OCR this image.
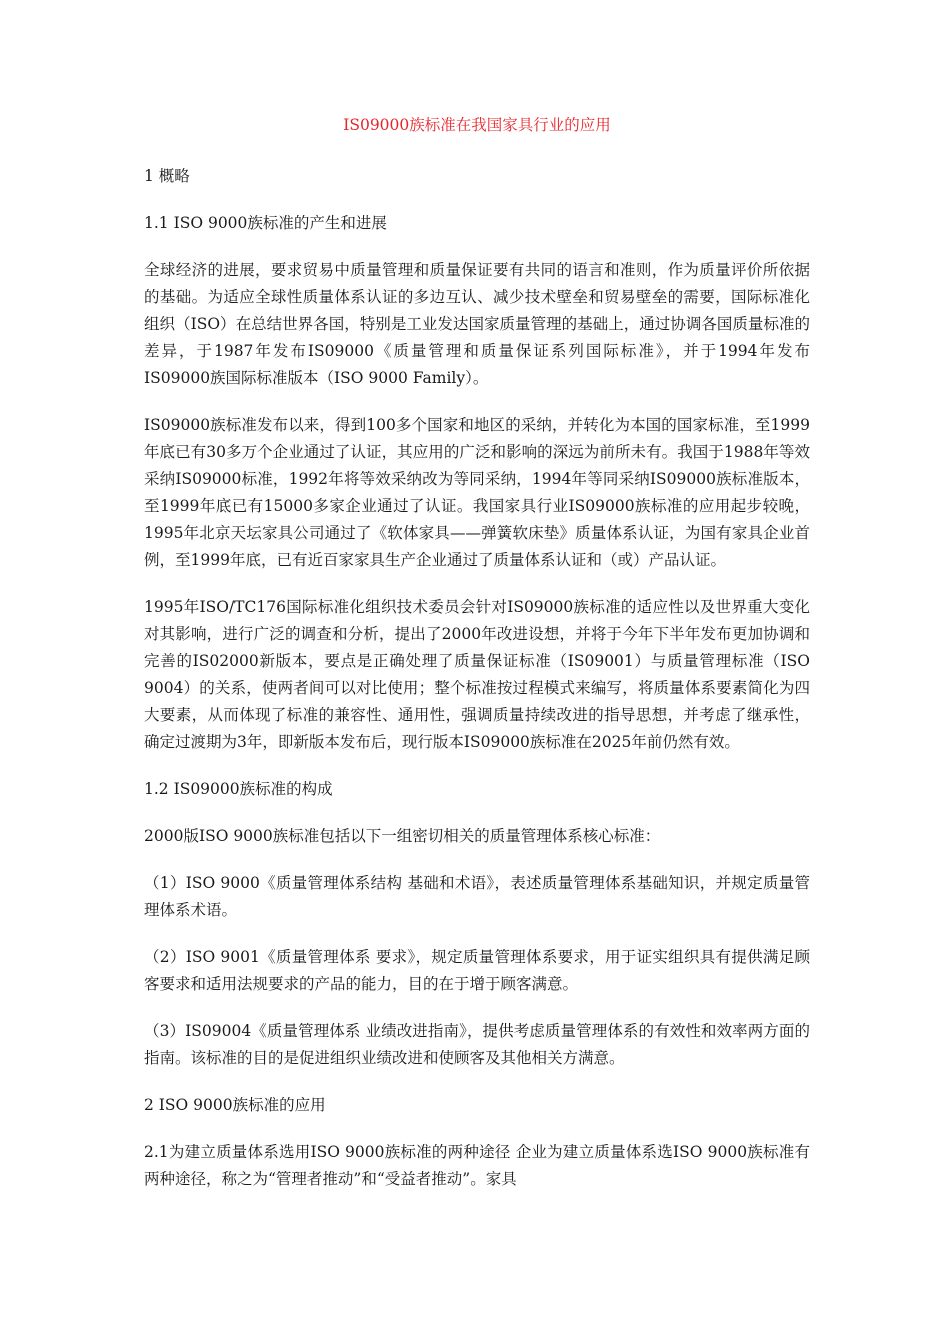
IS09000族标准在我国家具行业的应用
1 概略
1.1 ISO 9000族标准的产生和进展

全球经济的进展，要求贸易中质量管理和质量保证要有共同的语言和准则，作为质量评价所依据的基础。为适应全球性质量体系认证的多边互认、减少技术壁垒和贸易壁垒的需要，国际标准化组织（ISO）在总结世界各国，特别是工业发达国家质量管理的基础上，通过协调各国质量标准的差异，于1987年发布IS09000《质量管理和质量保证系列国际标准》，并于1994年发布IS09000族国际标准版本（ISO 9000 Family）。

IS09000族标准发布以来，得到100多个国家和地区的采纳，并转化为本国的国家标准，至1999年底已有30多万个企业通过了认证，其应用的广泛和影响的深远为前所未有。我国于1988年等效采纳IS09000标准，1992年将等效采纳改为等同采纳，1994年等同采纳IS09000族标准版本，至1999年底已有15000多家企业通过了认证。我国家具行业IS09000族标准的应用起步较晚，1995年北京天坛家具公司通过了《软体家具——弹簧软床垫》质量体系认证，为国有家具企业首例，至1999年底，已有近百家家具生产企业通过了质量体系认证和（或）产品认证。

1995年ISO/TC176国际标准化组织技术委员会针对IS09000族标准的适应性以及世界重大变化对其影响，进行广泛的调查和分析，提出了2000年改进设想，并将于今年下半年发布更加协调和完善的IS02000新版本，要点是正确处理了质量保证标准（IS09001）与质量管理标准（ISO 9004）的关系，使两者间可以对比使用；整个标准按过程模式来编写，将质量体系要素简化为四大要素，从而体现了标准的兼容性、通用性，强调质量持续改进的指导思想，并考虑了继承性，确定过渡期为3年，即新版本发布后，现行版本IS09000族标准在2025年前仍然有效。

1.2 IS09000族标准的构成

2000版ISO 9000族标准包括以下一组密切相关的质量管理体系核心标准：

（1）ISO 9000《质量管理体系结构 基础和术语》，表述质量管理体系基础知识，并规定质量管理体系术语。

（2）ISO 9001《质量管理体系 要求》，规定质量管理体系要求，用于证实组织具有提供满足顾客要求和适用法规要求的产品的能力，目的在于增于顾客满意。

（3）IS09004《质量管理体系 业绩改进指南》，提供考虑质量管理体系的有效性和效率两方面的指南。该标准的目的是促进组织业绩改进和使顾客及其他相关方满意。

2 ISO 9000族标准的应用

2.1为建立质量体系选用ISO 9000族标准的两种途径 企业为建立质量体系选ISO 9000族标准有两种途径，称之为“管理者推动”和“受益者推动”。家具
